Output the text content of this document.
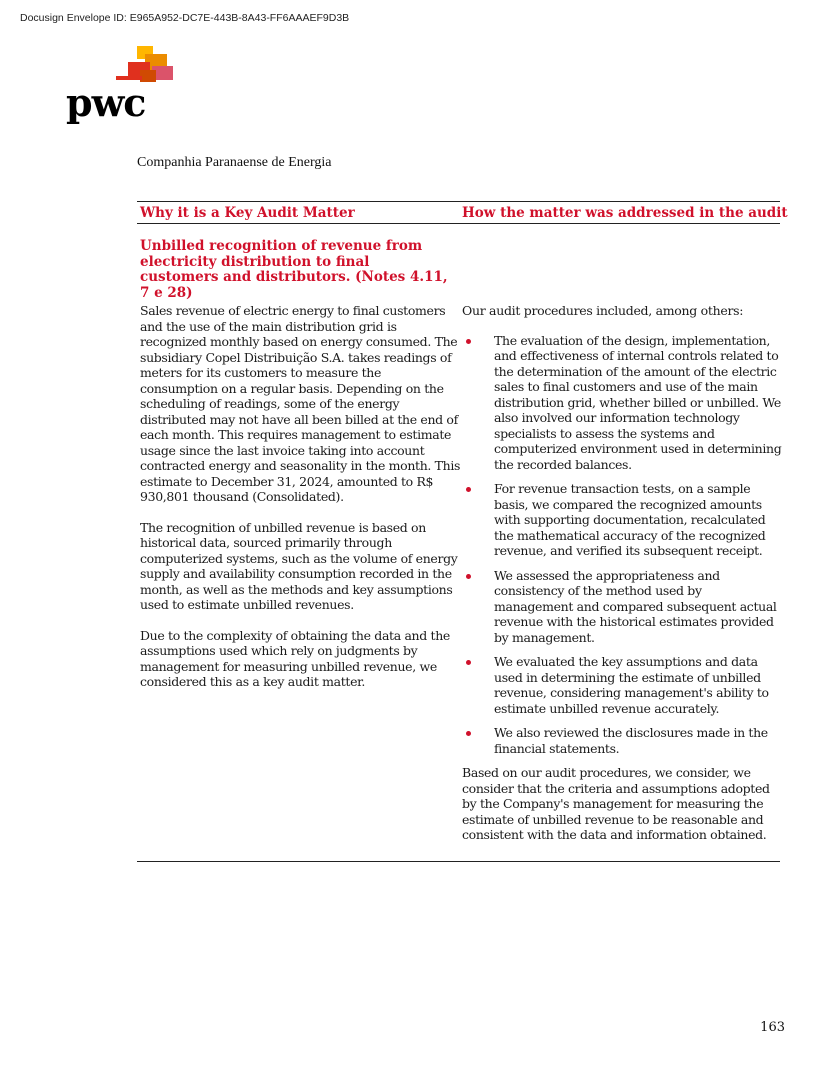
Docusign Envelope ID: E965A952-DC7E-443B-8A43-FF6AAAEF9D3B
pwc
Companhia Paranaense de Energia
Why it is a Key Audit Matter	How the matter was addressed in the audit
Unbilled recognition of revenue from electricity distribution to final customers and distributors. (Notes 4.11, 7 e 28)

Sales revenue of electric energy to final customers and the use of the main distribution grid is recognized monthly based on energy consumed. The subsidiary Copel Distribuição S.A. takes readings of meters for its customers to measure the consumption on a regular basis. Depending on the scheduling of readings, some of the energy distributed may not have all been billed at the end of each month. This requires management to estimate usage since the last invoice taking into account contracted energy and seasonality in the month. This estimate to December 31, 2024, amounted to R$ 930,801 thousand (Consolidated).

The recognition of unbilled revenue is based on historical data, sourced primarily through computerized systems, such as the volume of energy supply and availability consumption recorded in the month, as well as the methods and key assumptions used to estimate unbilled revenues.

Due to the complexity of obtaining the data and the assumptions used which rely on judgments by management for measuring unbilled revenue, we considered this as a key audit matter.

Our audit procedures included, among others:

The evaluation of the design, implementation, and effectiveness of internal controls related to the determination of the amount of the electric sales to final customers and use of the main distribution grid, whether billed or unbilled. We also involved our information technology specialists to assess the systems and computerized environment used in determining the recorded balances.
For revenue transaction tests, on a sample basis, we compared the recognized amounts with supporting documentation, recalculated the mathematical accuracy of the recognized revenue, and verified its subsequent receipt.
We assessed the appropriateness and consistency of the method used by management and compared subsequent actual revenue with the historical estimates provided by management.
We evaluated the key assumptions and data used in determining the estimate of unbilled revenue, considering management's ability to estimate unbilled revenue accurately.
We also reviewed the disclosures made in the financial statements.

Based on our audit procedures, we consider, we consider that the criteria and assumptions adopted by the Company's management for measuring the estimate of unbilled revenue to be reasonable and consistent with the data and information obtained.

163
